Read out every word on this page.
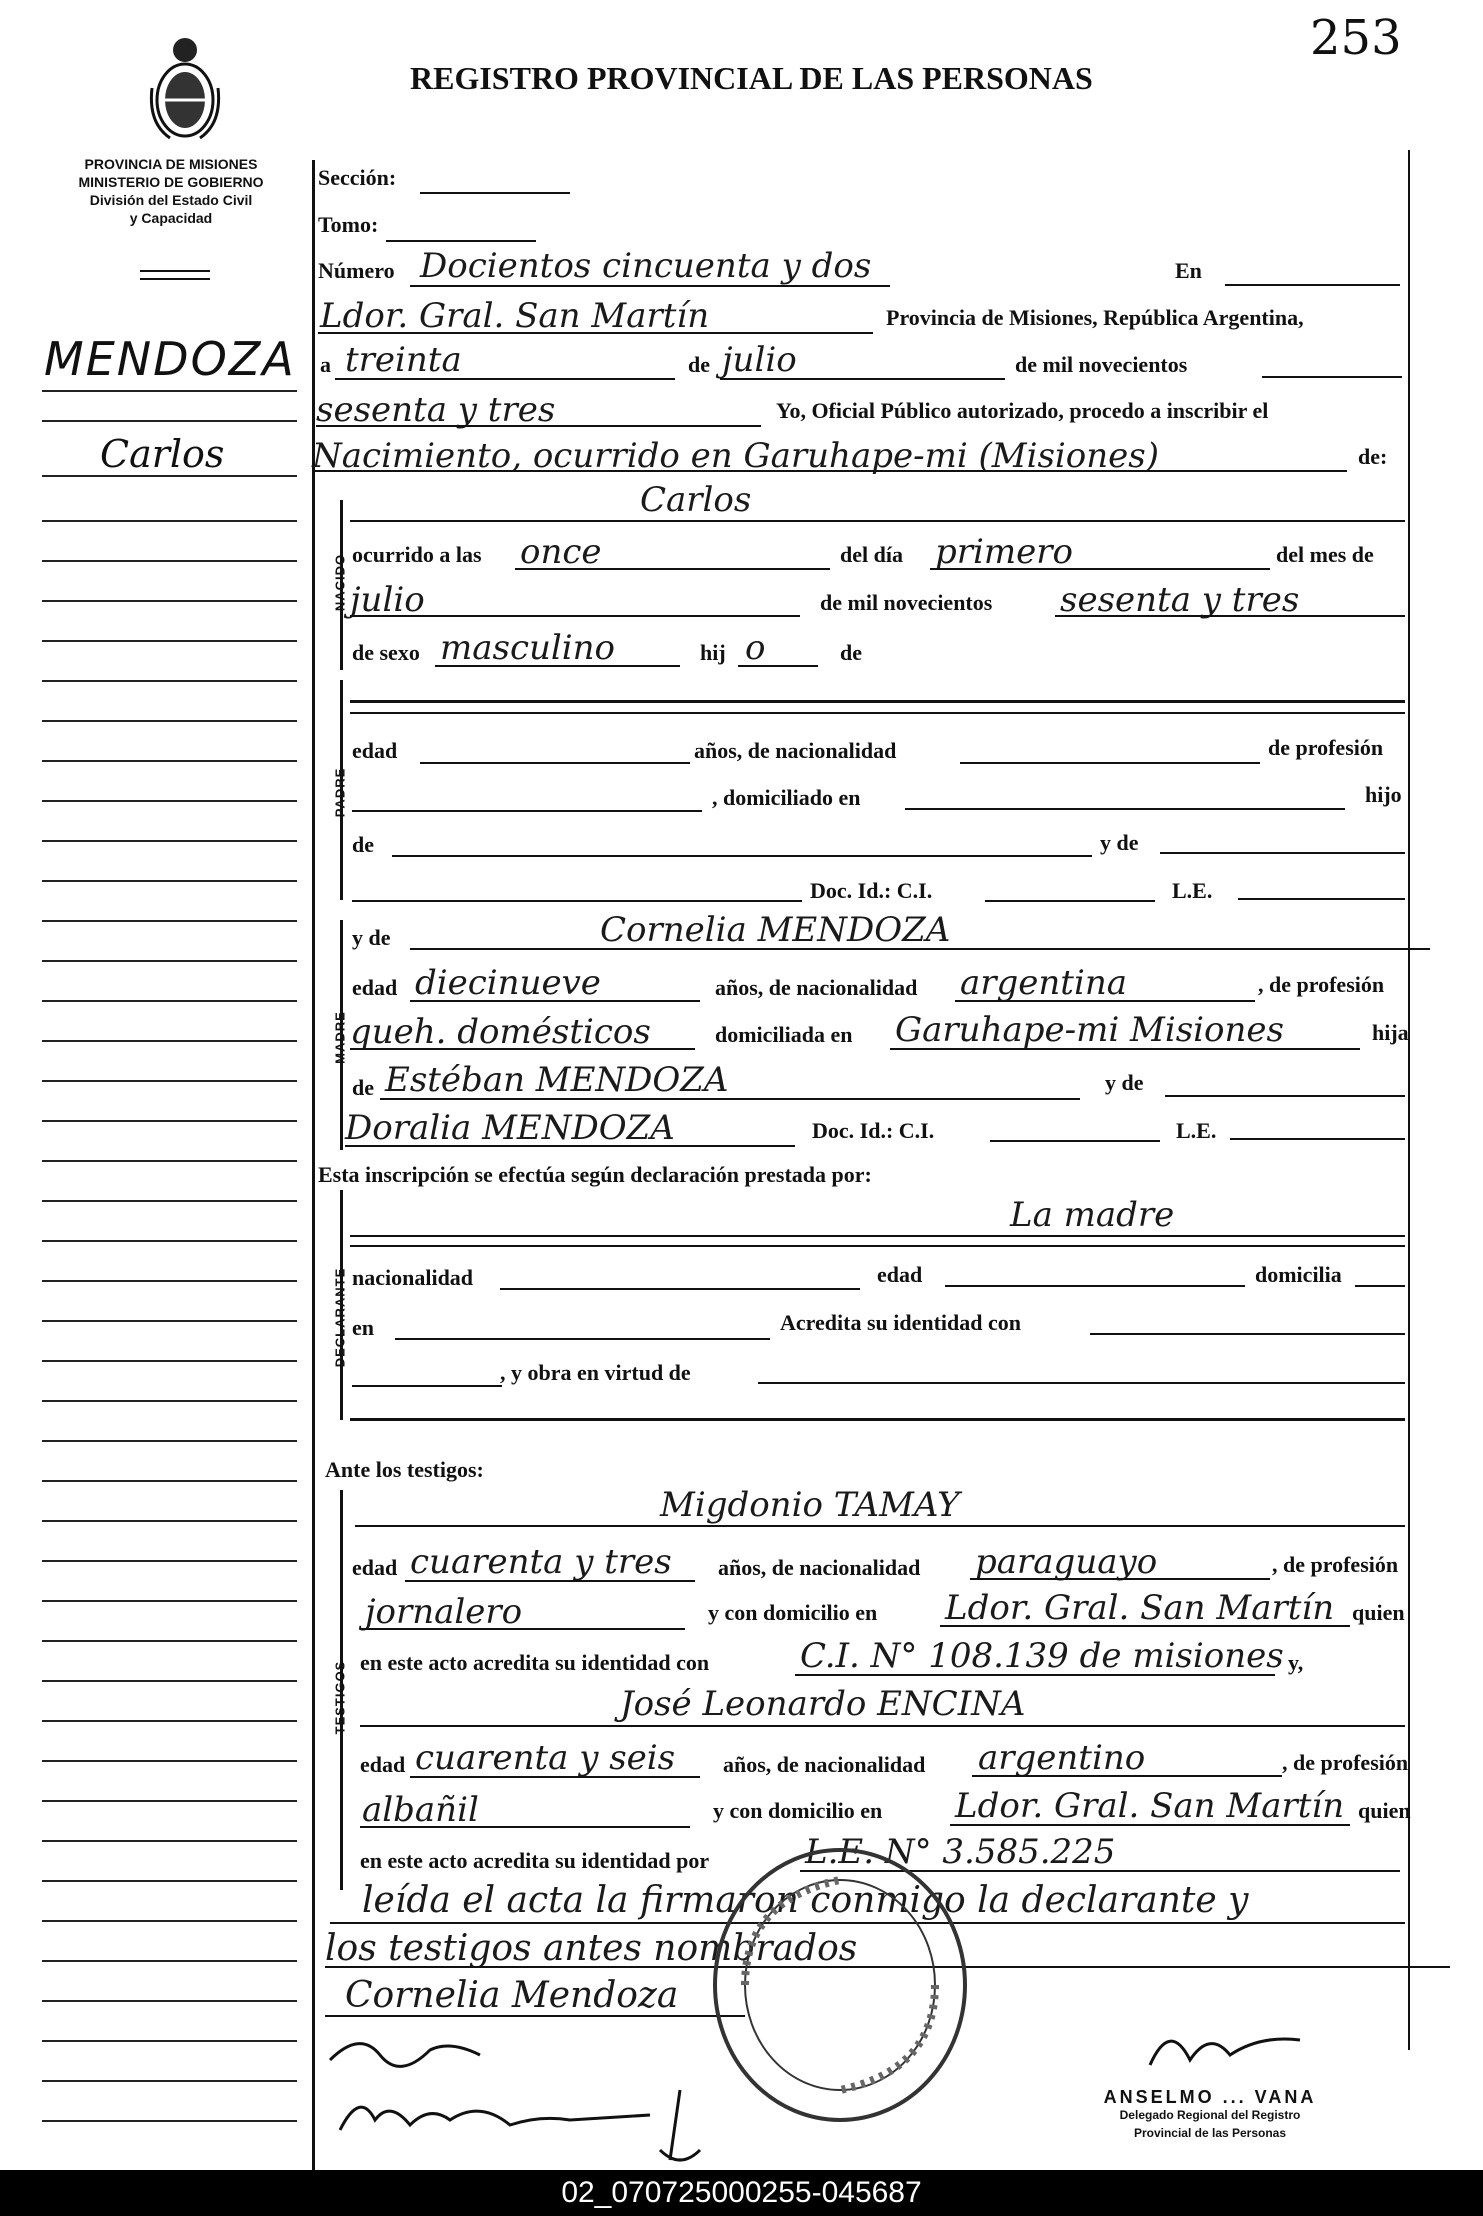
REGISTRO PROVINCIAL DE LAS PERSONAS
253
PROVINCIA DE MISIONES
MINISTERIO DE GOBIERNO
División del Estado Civil
y Capacidad
MENDOZA
Carlos
Sección:
Tomo:
Número Docientos cincuenta y dos	En
Ldor. Gral. San Martín	Provincia de Misiones, República Argentina,
a treinta	de julio	de mil novecientos
sesenta y tres	Yo, Oficial Público autorizado, procedo a inscribir el
Nacimiento, ocurrido en Garuhape-mi (Misiones)	de:
NACIDO
Carlos
ocurrido a las once	del día primero	del mes de
julio	de mil novecientos sesenta y tres
de sexo masculino	hij o	de
PADRE
edad	años, de nacionalidad	de profesión
, domiciliado en	hijo
de	y de
Doc. Id.: C.I.	L.E.
MADRE
y de	Cornelia MENDOZA
edad diecinueve	años, de nacionalidad argentina	, de profesión
queh. domésticos	domiciliada en Garuhape-mi Misiones	hija
de Estéban MENDOZA	y de
Doralia MENDOZA	Doc. Id.: C.I.	L.E.
Esta inscripción se efectúa según declaración prestada por:
DECLARANTE
La madre
nacionalidad	edad	domicilia
en	Acredita su identidad con
, y obra en virtud de
Ante los testigos:
TESTIGOS
Migdonio TAMAY
edad cuarenta y tres años, de nacionalidad paraguayo	, de profesión
jornalero	y con domicilio en Ldor. Gral. San Martín quien
en este acto acredita su identidad con	C.I. N° 108.139 de misiones y,
José Leonardo ENCINA
edad cuarenta y seis años, de nacionalidad argentino	, de profesión
albañil	y con domicilio en Ldor. Gral. San Martín quien
en este acto acredita su identidad por	L.E. N° 3.585.225
leída el acta la firmaron conmigo la declarante y
los testigos antes nombrados
Cornelia Mendoza
ANSELMO ... VANA
Delegado Regional del Registro
Provincial de las Personas
02_070725000255-045687
